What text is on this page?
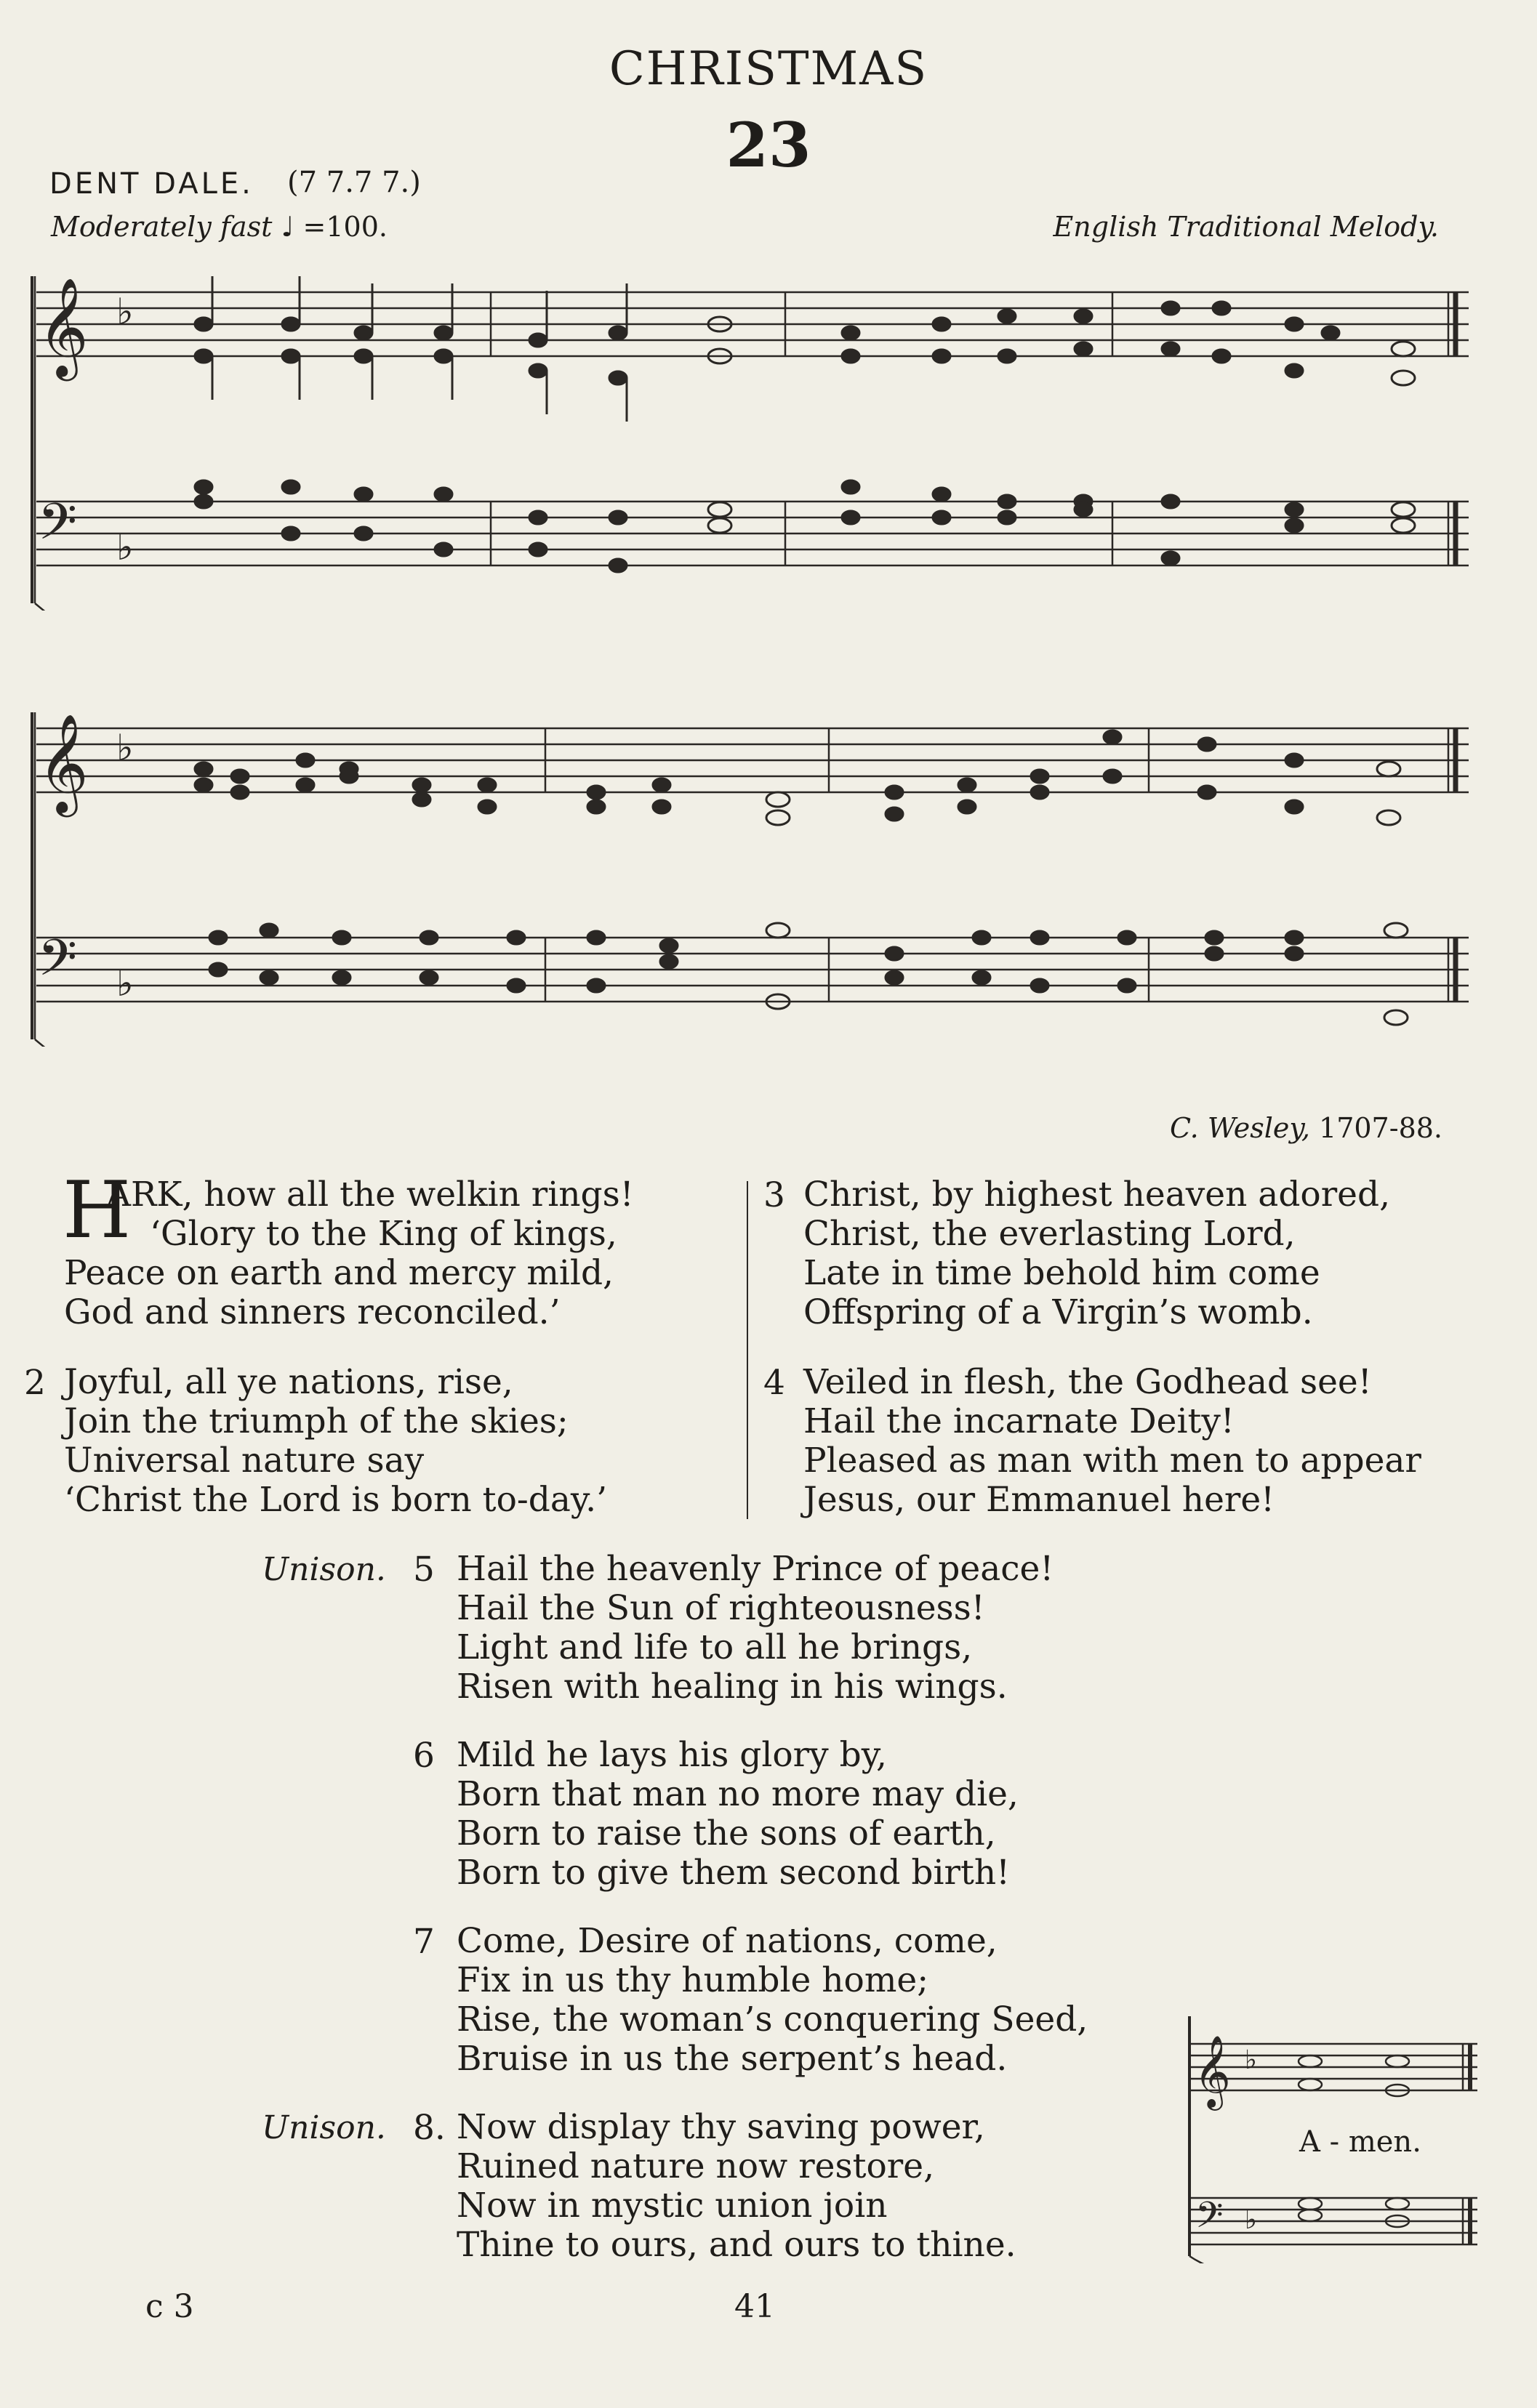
CHRISTMAS
23
DENT DALE. (7 7.7 7.)
Moderately fast ♩ =100.	English Traditional Melody.
𝄞
𝄢
♭
♭
𝄞
𝄢
♭
♭
C. Wesley, 1707-88.
H
ARK, how all the welkin rings!
‘Glory to the King of kings,
Peace on earth and mercy mild,
God and sinners reconciled.’
2 Joyful, all ye nations, rise,
Join the triumph of the skies;
Universal nature say
‘Christ the Lord is born to-day.’
3 Christ, by highest heaven adored,
Christ, the everlasting Lord,
Late in time behold him come
Offspring of a Virgin’s womb.
4 Veiled in flesh, the Godhead see!
Hail the incarnate Deity!
Pleased as man with men to appear
Jesus, our Emmanuel here!
Unison. 5 Hail the heavenly Prince of peace!
Hail the Sun of righteousness!
Light and life to all he brings,
Risen with healing in his wings.
6 Mild he lays his glory by,
Born that man no more may die,
Born to raise the sons of earth,
Born to give them second birth!
7 Come, Desire of nations, come,
Fix in us thy humble home;
Rise, the woman’s conquering Seed,
Bruise in us the serpent’s head.
Unison. 8. Now display thy saving power,
Ruined nature now restore,
Now in mystic union join
Thine to ours, and ours to thine.
𝄞
𝄢
♭
♭
A - men.
c 3	41
